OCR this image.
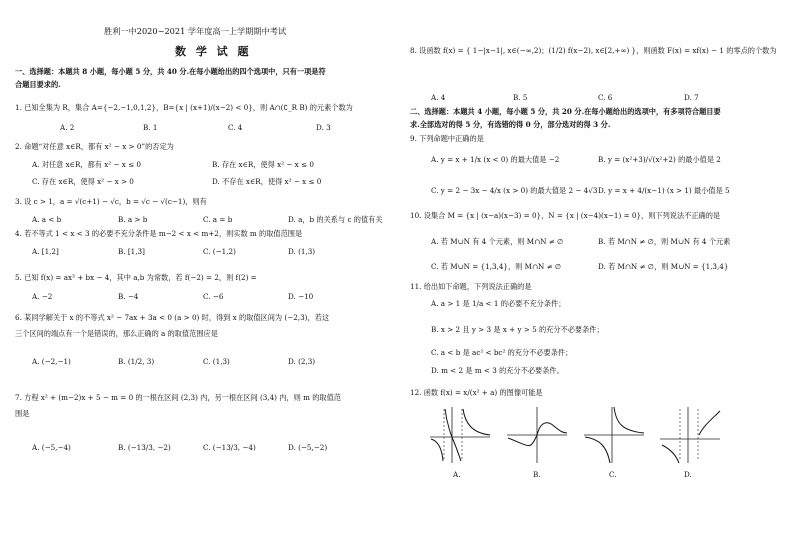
胜利一中2020~2021 学年度高一上学期期中考试
数 学 试 题
一、选择题：本题共 8 小题，每小题 5 分，共 40 分.在每小题给出的四个选项中，只有一项是符
合题目要求的.
1. 已知全集为 R，集合 A={−2,−1,0,1,2}，B={x | (x+1)/(x−2) < 0}，则 A∩(∁_R B) 的元素个数为
A. 2	B. 1	C. 4	D. 3
2. 命题“对任意 x∈R，都有 x² − x > 0”的否定为
A. 对任意 x∈R，都有 x² − x ≤ 0	B. 存在 x∈R，使得 x² − x ≤ 0
C. 存在 x∈R，使得 x² − x > 0	D. 不存在 x∈R，使得 x² − x ≤ 0
3. 设 c > 1，a = √(c+1) − √c，b = √c − √(c−1)，则有
A. a < b	B. a > b	C. a = b	D. a，b 的关系与 c 的值有关
4. 若不等式 1 < x < 3 的必要不充分条件是 m−2 < x < m+2，则实数 m 的取值范围是
A. [1,2]	B. [1,3]	C. (−1,2)	D. (1,3)
5. 已知 f(x) = ax³ + bx − 4，其中 a,b 为常数，若 f(−2) = 2，则 f(2) =
A. −2	B. −4	C. −6	D. −10
6. 某同学解关于 x 的不等式 x² − 7ax + 3a < 0 (a > 0) 时，得到 x 的取值区间为 (−2,3)，若这
三个区间的端点有一个是错误的，那么正确的 a 的取值范围应是
A. (−2,−1)	B. (1/2, 3)	C. (1,3)	D. (2,3)
7. 方程 x² + (m−2)x + 5 − m = 0 的一根在区间 (2,3) 内，另一根在区间 (3,4) 内，则 m 的取值范
围是
A. (−5,−4)	B. (−13/3, −2)	C. (−13/3, −4)	D. (−5,−2)
8. 设函数 f(x) = { 1−|x−1|, x∈(−∞,2)；(1/2) f(x−2), x∈[2,+∞) }，则函数 F(x) = xf(x) − 1 的零点的个数为
A. 4	B. 5	C. 6	D. 7
二、选择题：本题共 4 小题，每小题 5 分，共 20 分.在每小题给出的选项中，有多项符合题目要
求.全部选对的得 5 分，有选错的得 0 分，部分选对的得 3 分.
9. 下列命题中正确的是
A. y = x + 1/x (x < 0) 的最大值是 −2	B. y = (x²+3)/√(x²+2) 的最小值是 2
C. y = 2 − 3x − 4/x (x > 0) 的最大值是 2 − 4√3 D. y = x + 4/(x−1) (x > 1) 最小值是 5
10. 设集合 M = {x | (x−a)(x−3) = 0}，N = {x | (x−4)(x−1) = 0}，则下列说法不正确的是
A. 若 M∪N 有 4 个元素，则 M∩N ≠ ∅	B. 若 M∩N ≠ ∅，则 M∪N 有 4 个元素
C. 若 M∪N = {1,3,4}，则 M∩N ≠ ∅	D. 若 M∩N ≠ ∅，则 M∪N = {1,3,4}
11. 给出如下命题，下列说法正确的是
A. a > 1 是 1/a < 1 的必要不充分条件；
B. x > 2 且 y > 3 是 x + y > 5 的充分不必要条件；
C. a < b 是 ac² < bc² 的充分不必要条件；
D. m < 2 是 m < 3 的充分不必要条件。
12. 函数 f(x) = x/(x² + a) 的图像可能是
A.	B.	C.	D.
